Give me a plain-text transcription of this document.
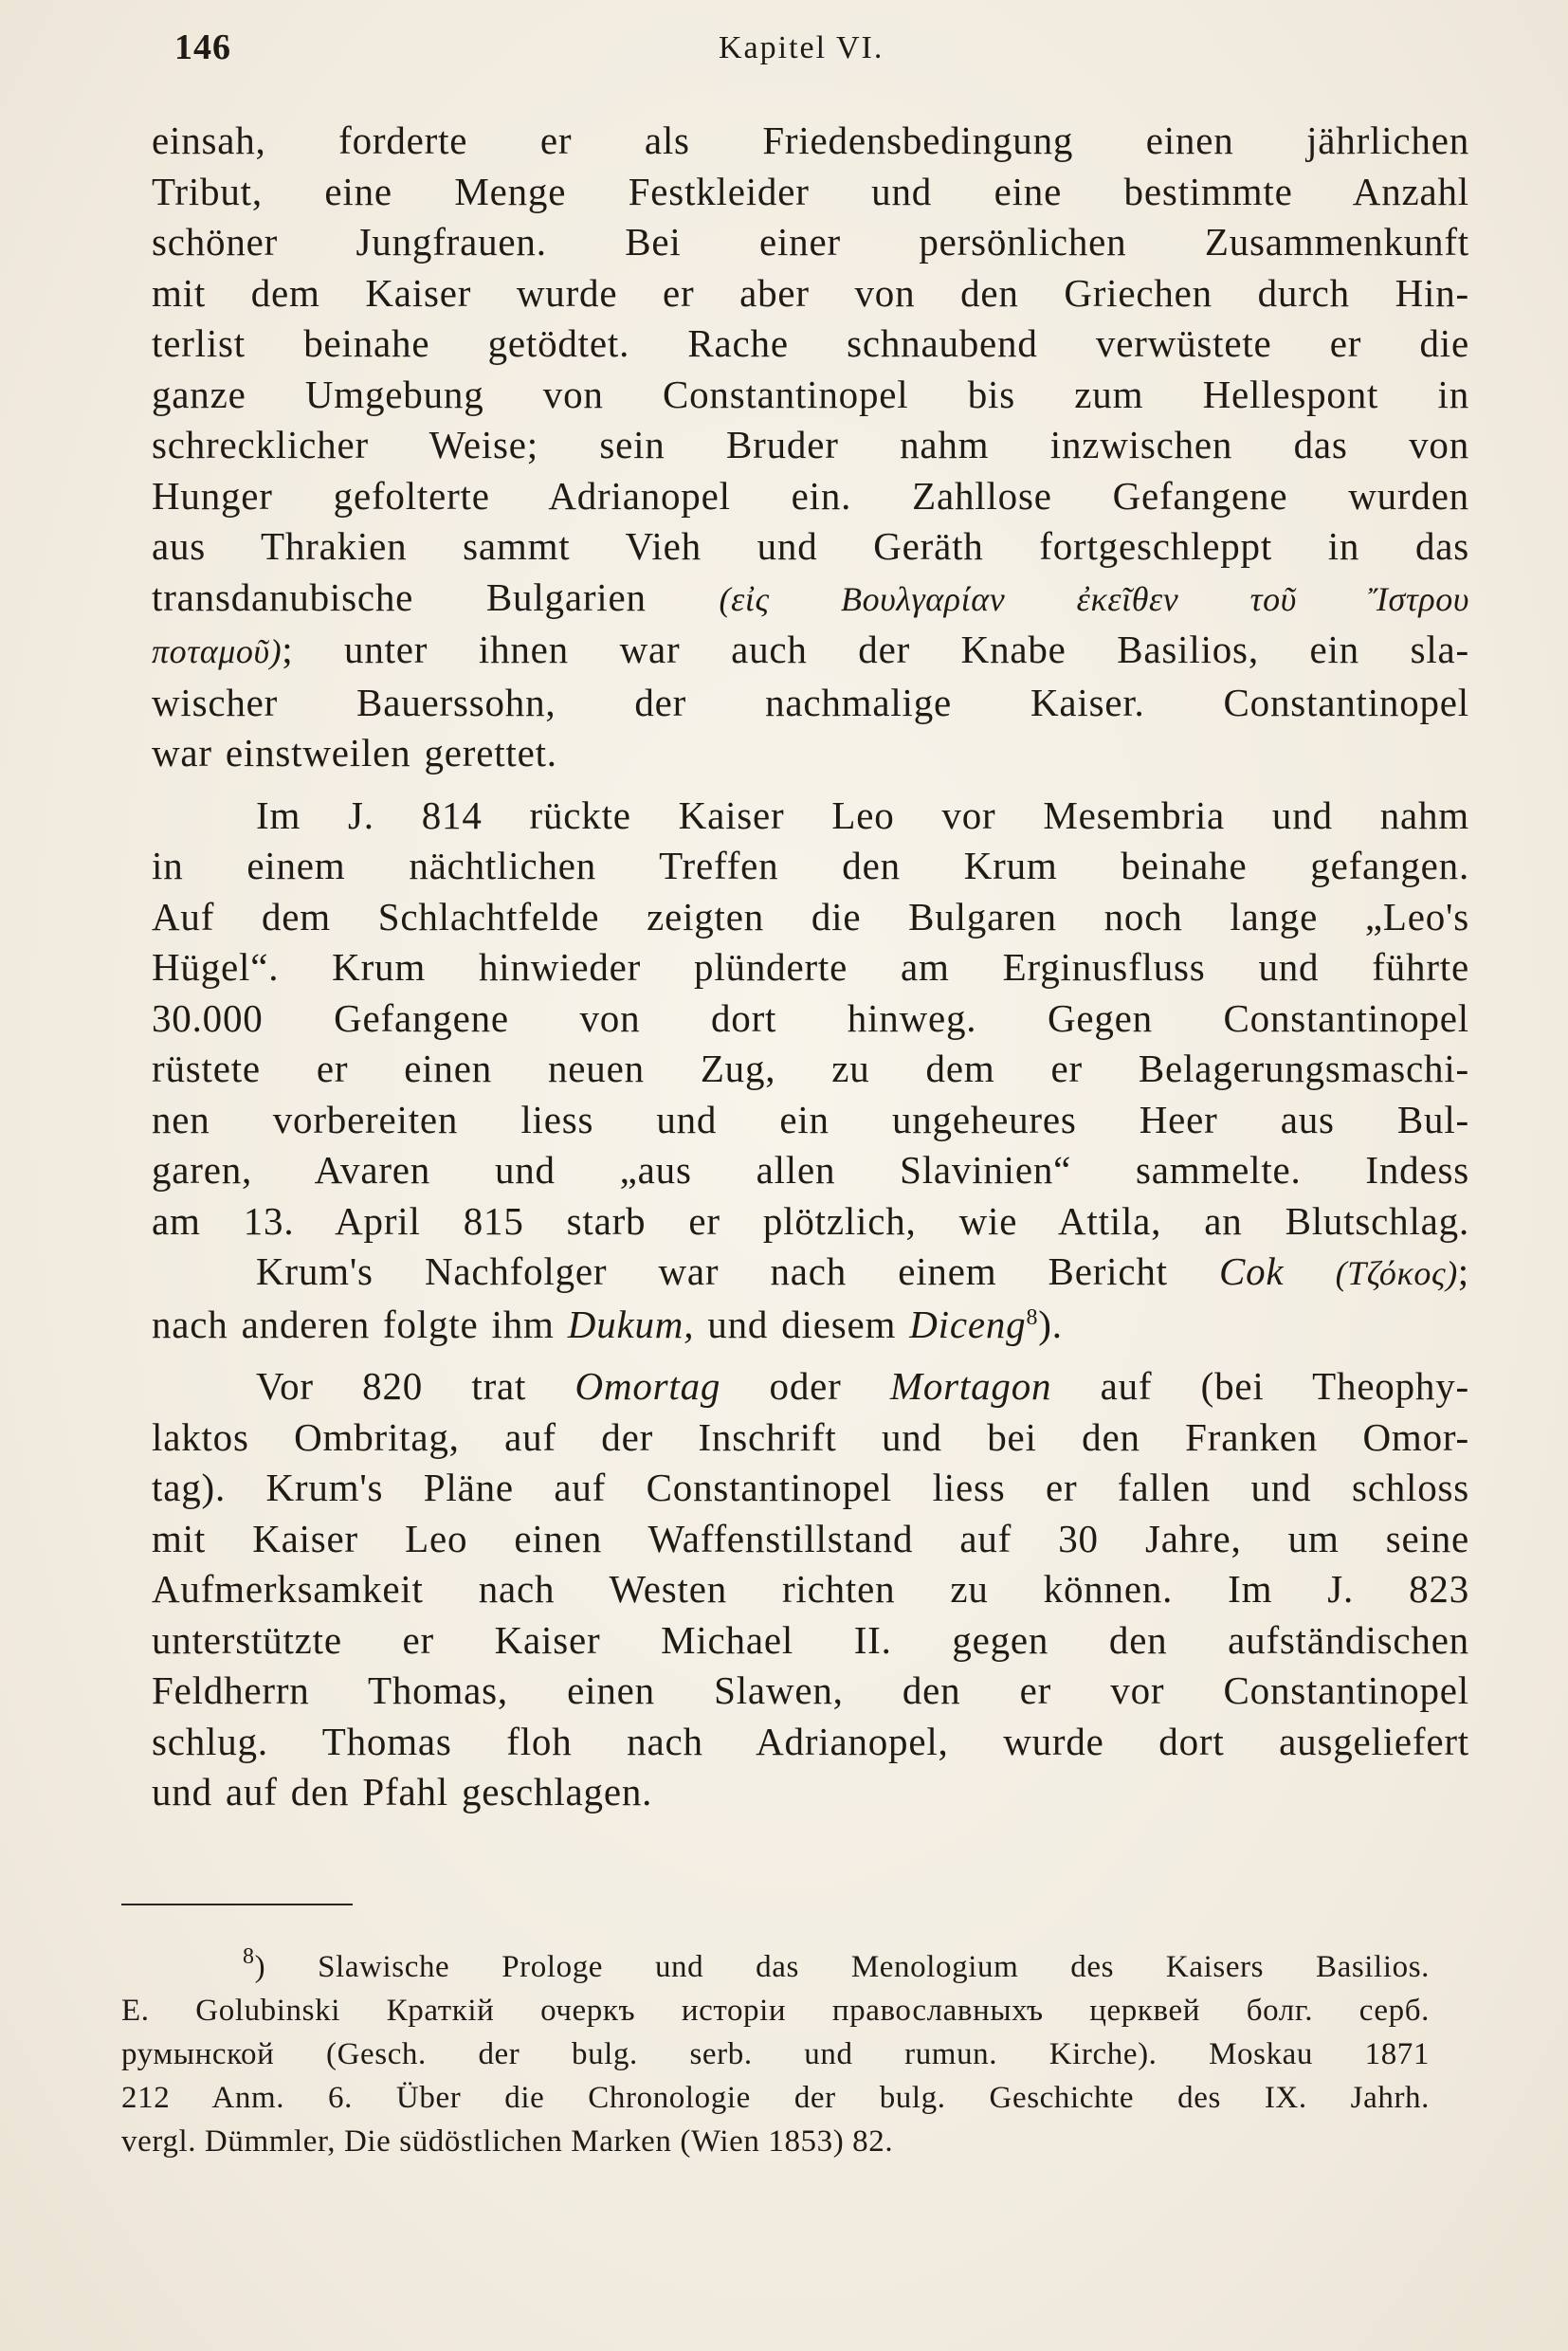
146	Kapitel VI.

einsah, forderte er als Friedensbedingung einen jährlichen
Tribut, eine Menge Festkleider und eine bestimmte Anzahl
schöner Jungfrauen. Bei einer persönlichen Zusammenkunft
mit dem Kaiser wurde er aber von den Griechen durch Hin-
terlist beinahe getödtet. Rache schnaubend verwüstete er die
ganze Umgebung von Constantinopel bis zum Hellespont in
schrecklicher Weise; sein Bruder nahm inzwischen das von
Hunger gefolterte Adrianopel ein. Zahllose Gefangene wurden
aus Thrakien sammt Vieh und Geräth fortgeschleppt in das
transdanubische Bulgarien (εἰς Βουλγαρίαν ἐκεῖθεν τοῦ Ἴστρου
ποταμοῦ); unter ihnen war auch der Knabe Basilios, ein sla-
wischer Bauerssohn, der nachmalige Kaiser. Constantinopel
war einstweilen gerettet.

Im J. 814 rückte Kaiser Leo vor Mesembria und nahm
in einem nächtlichen Treffen den Krum beinahe gefangen.
Auf dem Schlachtfelde zeigten die Bulgaren noch lange „Leo's
Hügel“. Krum hinwieder plünderte am Erginusfluss und führte
30.000 Gefangene von dort hinweg. Gegen Constantinopel
rüstete er einen neuen Zug, zu dem er Belagerungsmaschi-
nen vorbereiten liess und ein ungeheures Heer aus Bul-
garen, Avaren und „aus allen Slavinien“ sammelte. Indess
am 13. April 815 starb er plötzlich, wie Attila, an Blutschlag.

Krum's Nachfolger war nach einem Bericht Cok (Τζόκος);
nach anderen folgte ihm Dukum, und diesem Diceng$^8$).

Vor 820 trat Omortag oder Mortagon auf (bei Theophy-
laktos Ombritag, auf der Inschrift und bei den Franken Omor-
tag). Krum's Pläne auf Constantinopel liess er fallen und schloss
mit Kaiser Leo einen Waffenstillstand auf 30 Jahre, um seine
Aufmerksamkeit nach Westen richten zu können. Im J. 823
unterstützte er Kaiser Michael II. gegen den aufständischen
Feldherrn Thomas, einen Slawen, den er vor Constantinopel
schlug. Thomas floh nach Adrianopel, wurde dort ausgeliefert
und auf den Pfahl geschlagen.

$^8$) Slawische Prologe und das Menologium des Kaisers Basilios.
E. Golubinski Краткій очеркъ исторіи православныхъ церквей болг. серб.
румынской (Gesch. der bulg. serb. und rumun. Kirche). Moskau 1871
212 Anm. 6. Über die Chronologie der bulg. Geschichte des IX. Jahrh.
vergl. Dümmler, Die südöstlichen Marken (Wien 1853) 82.
